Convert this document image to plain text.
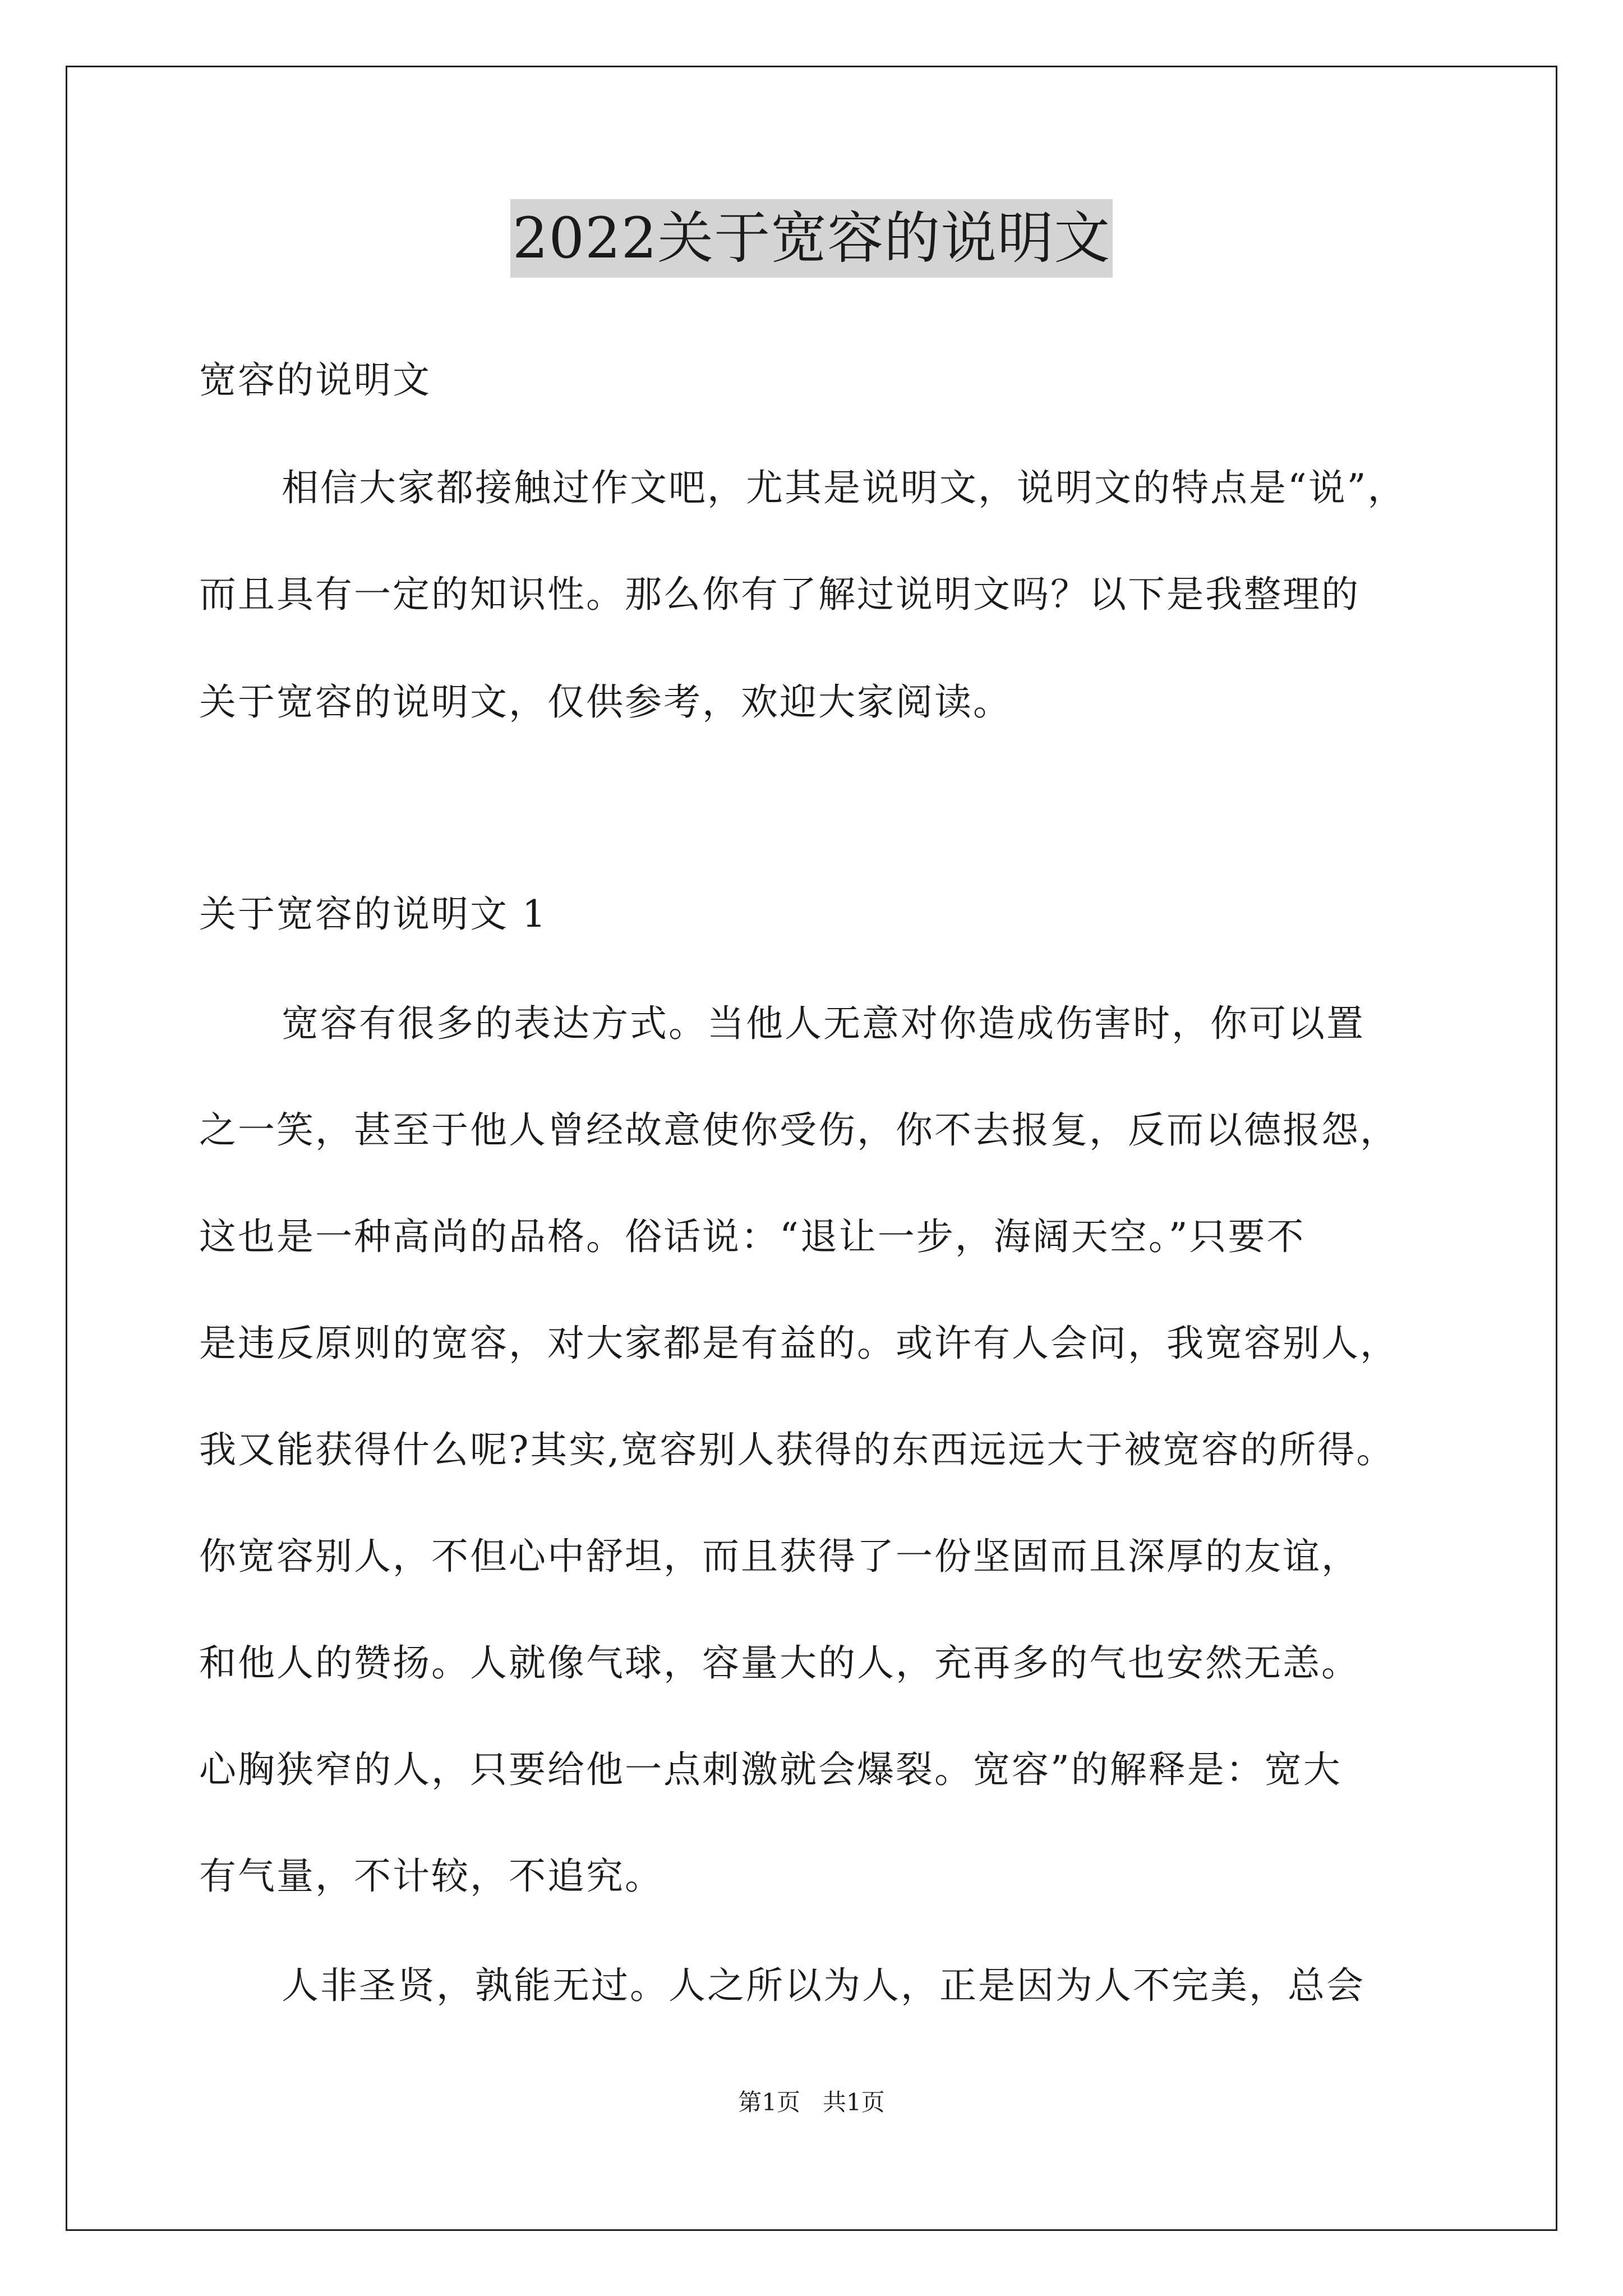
2022关于宽容的说明文
宽容的说明文
相信大家都接触过作文吧，尤其是说明文，说明文的特点是“说”，
而且具有一定的知识性。那么你有了解过说明文吗？以下是我整理的
关于宽容的说明文，仅供参考，欢迎大家阅读。
关于宽容的说明文 1
宽容有很多的表达方式。当他人无意对你造成伤害时，你可以置
之一笑，甚至于他人曾经故意使你受伤，你不去报复，反而以德报怨，
这也是一种高尚的品格。俗话说：“退让一步，海阔天空。”只要不
是违反原则的宽容，对大家都是有益的。或许有人会问，我宽容别人，
我又能获得什么呢?其实,宽容别人获得的东西远远大于被宽容的所得。
你宽容别人，不但心中舒坦，而且获得了一份坚固而且深厚的友谊，
和他人的赞扬。人就像气球，容量大的人，充再多的气也安然无恙。
心胸狭窄的人，只要给他一点刺激就会爆裂。宽容”的解释是：宽大
有气量，不计较，不追究。
人非圣贤，孰能无过。人之所以为人，正是因为人不完美，总会
第1页   共1页
